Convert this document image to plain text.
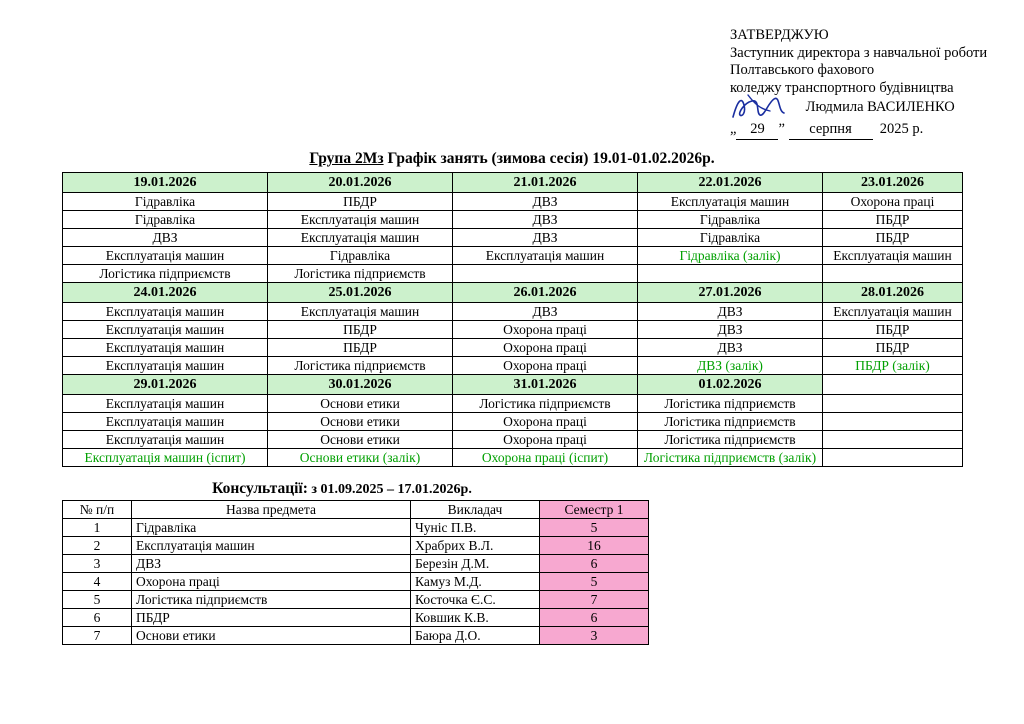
ЗАТВЕРДЖУЮ
Заступник директора з навчальної роботи
Полтавського фахового
коледжу транспортного будівництва
Людмила ВАСИЛЕНКО
„ 29 ” серпня 2025 р.
Група 2Мз Графік занять (зимова сесія) 19.01-01.02.2026р.
19.01.2026	20.01.2026	21.01.2026	22.01.2026	23.01.2026
Гідравліка	ПБДР	ДВЗ	Експлуатація машин	Охорона праці
Гідравліка	Експлуатація машин	ДВЗ	Гідравліка	ПБДР
ДВЗ	Експлуатація машин	ДВЗ	Гідравліка	ПБДР
Експлуатація машин	Гідравліка	Експлуатація машин	Гідравліка (залік)	Експлуатація машин
Логістика підприємств	Логістика підприємств			
24.01.2026	25.01.2026	26.01.2026	27.01.2026	28.01.2026
Експлуатація машин	Експлуатація машин	ДВЗ	ДВЗ	Експлуатація машин
Експлуатація машин	ПБДР	Охорона праці	ДВЗ	ПБДР
Експлуатація машин	ПБДР	Охорона праці	ДВЗ	ПБДР
Експлуатація машин	Логістика підприємств	Охорона праці	ДВЗ (залік)	ПБДР (залік)
29.01.2026	30.01.2026	31.01.2026	01.02.2026	
Експлуатація машин	Основи етики	Логістика підприємств	Логістика підприємств	
Експлуатація машин	Основи етики	Охорона праці	Логістика підприємств	
Експлуатація машин	Основи етики	Охорона праці	Логістика підприємств	
Експлуатація машин (іспит)	Основи етики (залік)	Охорона праці (іспит)	Логістика підприємств (залік)	
Консультації: з 01.09.2025 – 17.01.2026р.
№ п/п	Назва предмета	Викладач	Семестр 1
1	Гідравліка	Чуніс П.В.	5
2	Експлуатація машин	Храбрих В.Л.	16
3	ДВЗ	Березін Д.М.	6
4	Охорона праці	Камуз М.Д.	5
5	Логістика підприємств	Косточка Є.С.	7
6	ПБДР	Ковшик К.В.	6
7	Основи етики	Баюра Д.О.	3
